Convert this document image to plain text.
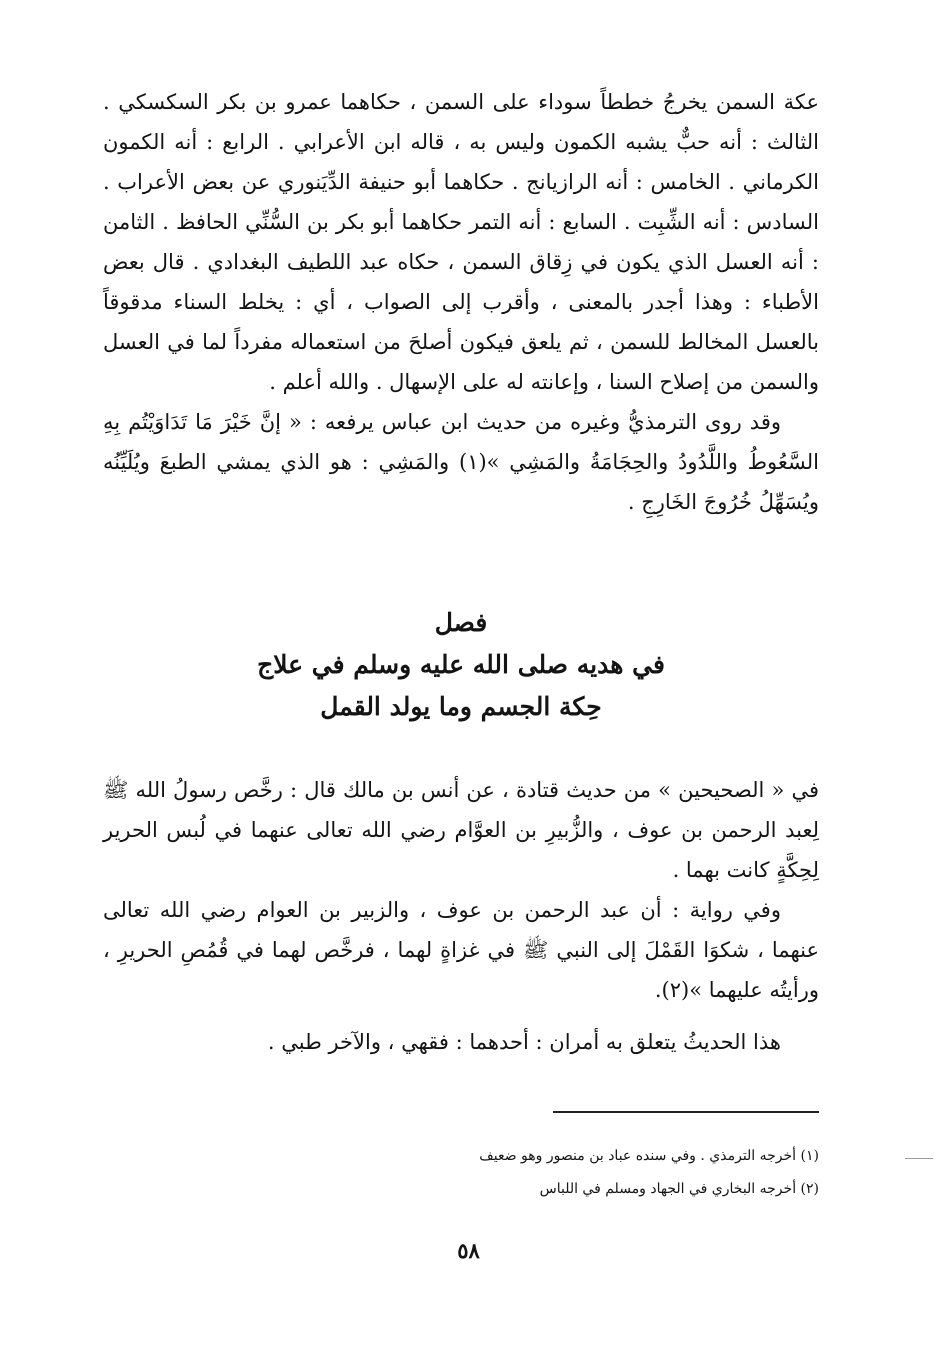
عكة السمن يخرجُ خططاً سوداء على السمن ، حكاهما عمرو بن بكر السكسكي . الثالث : أنه حبٌّ يشبه الكمون وليس به ، قاله ابن الأعرابي . الرابع : أنه الكمون الكرماني . الخامس : أنه الرازيانج . حكاهما أبو حنيفة الدِّيَنوري عن بعض الأعراب . السادس : أنه الشِّبِت . السابع : أنه التمر حكاهما أبو بكر بن السُّنِّي الحافظ . الثامن : أنه العسل الذي يكون في زِقاق السمن ، حكاه عبد اللطيف البغدادي . قال بعض الأطباء : وهذا أجدر بالمعنى ، وأقرب إلى الصواب ، أي : يخلط السناء مدقوقاً بالعسل المخالط للسمن ، ثم يلعق فيكون أصلحَ من استعماله مفرداً لما في العسل والسمن من إصلاح السنا ، وإعانته له على الإسهال . والله أعلم .

وقد روى الترمذيُّ وغيره من حديث ابن عباس يرفعه : « إنَّ خَيْرَ مَا تَدَاوَيْتُم بِهِ السَّعُوطُ واللَّدُودُ والحِجَامَةُ والمَشِي »(١) والمَشِي : هو الذي يمشي الطبعَ ويُلَيِّنُه ويُسَهِّلُ خُرُوجَ الخَارِجِ .

فصل
في هديه صلى الله عليه وسلم في علاج
حِكة الجسم وما يولد القمل

في « الصحيحين » من حديث قتادة ، عن أنس بن مالك قال : رخَّص رسولُ الله ﷺ لِعبد الرحمن بن عوف ، والزُّبيرِ بن العوَّام رضي الله تعالى عنهما في لُبس الحرير لِحِكَّةٍ كانت بهما .

وفي رواية : أن عبد الرحمن بن عوف ، والزبير بن العوام رضي الله تعالى عنهما ، شكوَا القَمْلَ إلى النبي ﷺ في غزاةٍ لهما ، فرخَّص لهما في قُمُصِ الحريرِ ، ورأيتُه عليهما »(٢).

هذا الحديثُ يتعلق به أمران : أحدهما : فقهي ، والآخر طبي .

(١) أخرجه الترمذي . وفي سنده عباد بن منصور وهو ضعيف
(٢) أخرجه البخاري في الجهاد ومسلم في اللباس
٥٨
